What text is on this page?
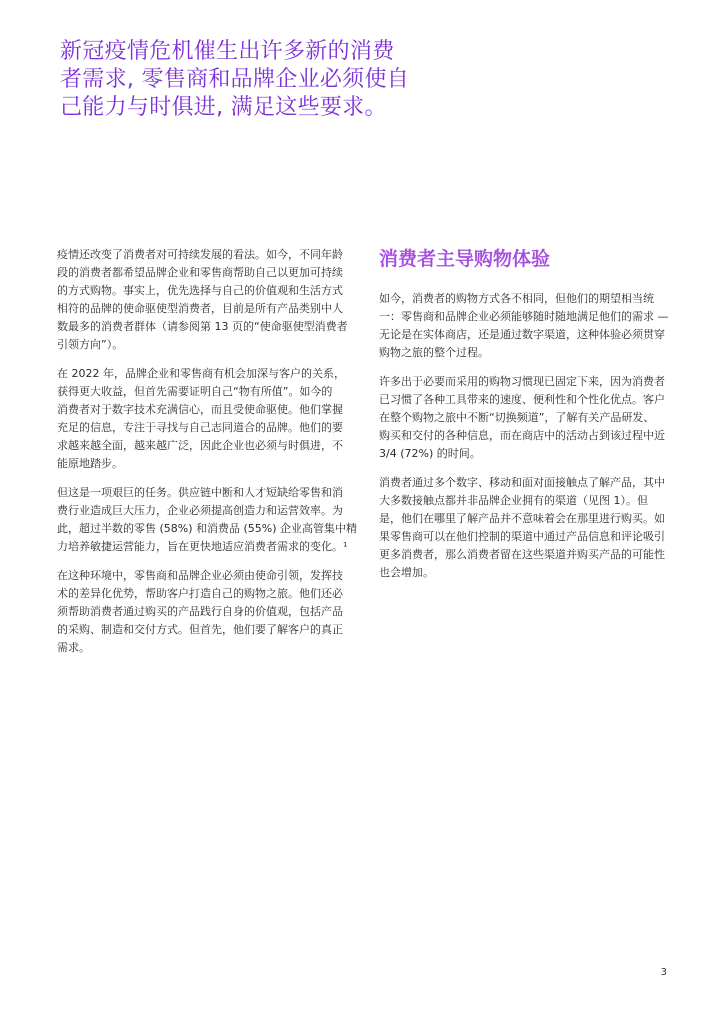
新冠疫情危机催生出许多新的消费
者需求, 零售商和品牌企业必须使自
己能力与时俱进, 满足这些要求。

疫情还改变了消费者对可持续发展的看法。如今，不同年龄
段的消费者都希望品牌企业和零售商帮助自己以更加可持续
的方式购物。事实上，优先选择与自己的价值观和生活方式
相符的品牌的使命驱使型消费者，目前是所有产品类别中人
数最多的消费者群体（请参阅第 13 页的“使命驱使型消费者
引领方向”）。

在 2022 年，品牌企业和零售商有机会加深与客户的关系，
获得更大收益，但首先需要证明自己“物有所值”。如今的
消费者对于数字技术充满信心，而且受使命驱使。他们掌握
充足的信息，专注于寻找与自己志同道合的品牌。他们的要
求越来越全面，越来越广泛，因此企业也必须与时俱进，不
能原地踏步。

但这是一项艰巨的任务。供应链中断和人才短缺给零售和消
费行业造成巨大压力，企业必须提高创造力和运营效率。为
此，超过半数的零售 (58%) 和消费品 (55%) 企业高管集中精
力培养敏捷运营能力，旨在更快地适应消费者需求的变化。¹

在这种环境中，零售商和品牌企业必须由使命引领，发挥技
术的差异化优势，帮助客户打造自己的购物之旅。他们还必
须帮助消费者通过购买的产品践行自身的价值观，包括产品
的采购、制造和交付方式。但首先，他们要了解客户的真正
需求。

消费者主导购物体验

如今，消费者的购物方式各不相同，但他们的期望相当统
一：零售商和品牌企业必须能够随时随地满足他们的需求 —
无论是在实体商店，还是通过数字渠道，这种体验必须贯穿
购物之旅的整个过程。

许多出于必要而采用的购物习惯现已固定下来，因为消费者
已习惯了各种工具带来的速度、便利性和个性化优点。客户
在整个购物之旅中不断“切换频道”，了解有关产品研发、
购买和交付的各种信息，而在商店中的活动占到该过程中近
3/4 (72%) 的时间。

消费者通过多个数字、移动和面对面接触点了解产品，其中
大多数接触点都并非品牌企业拥有的渠道（见图 1）。但
是，他们在哪里了解产品并不意味着会在那里进行购买。如
果零售商可以在他们控制的渠道中通过产品信息和评论吸引
更多消费者，那么消费者留在这些渠道并购买产品的可能性
也会增加。

3
